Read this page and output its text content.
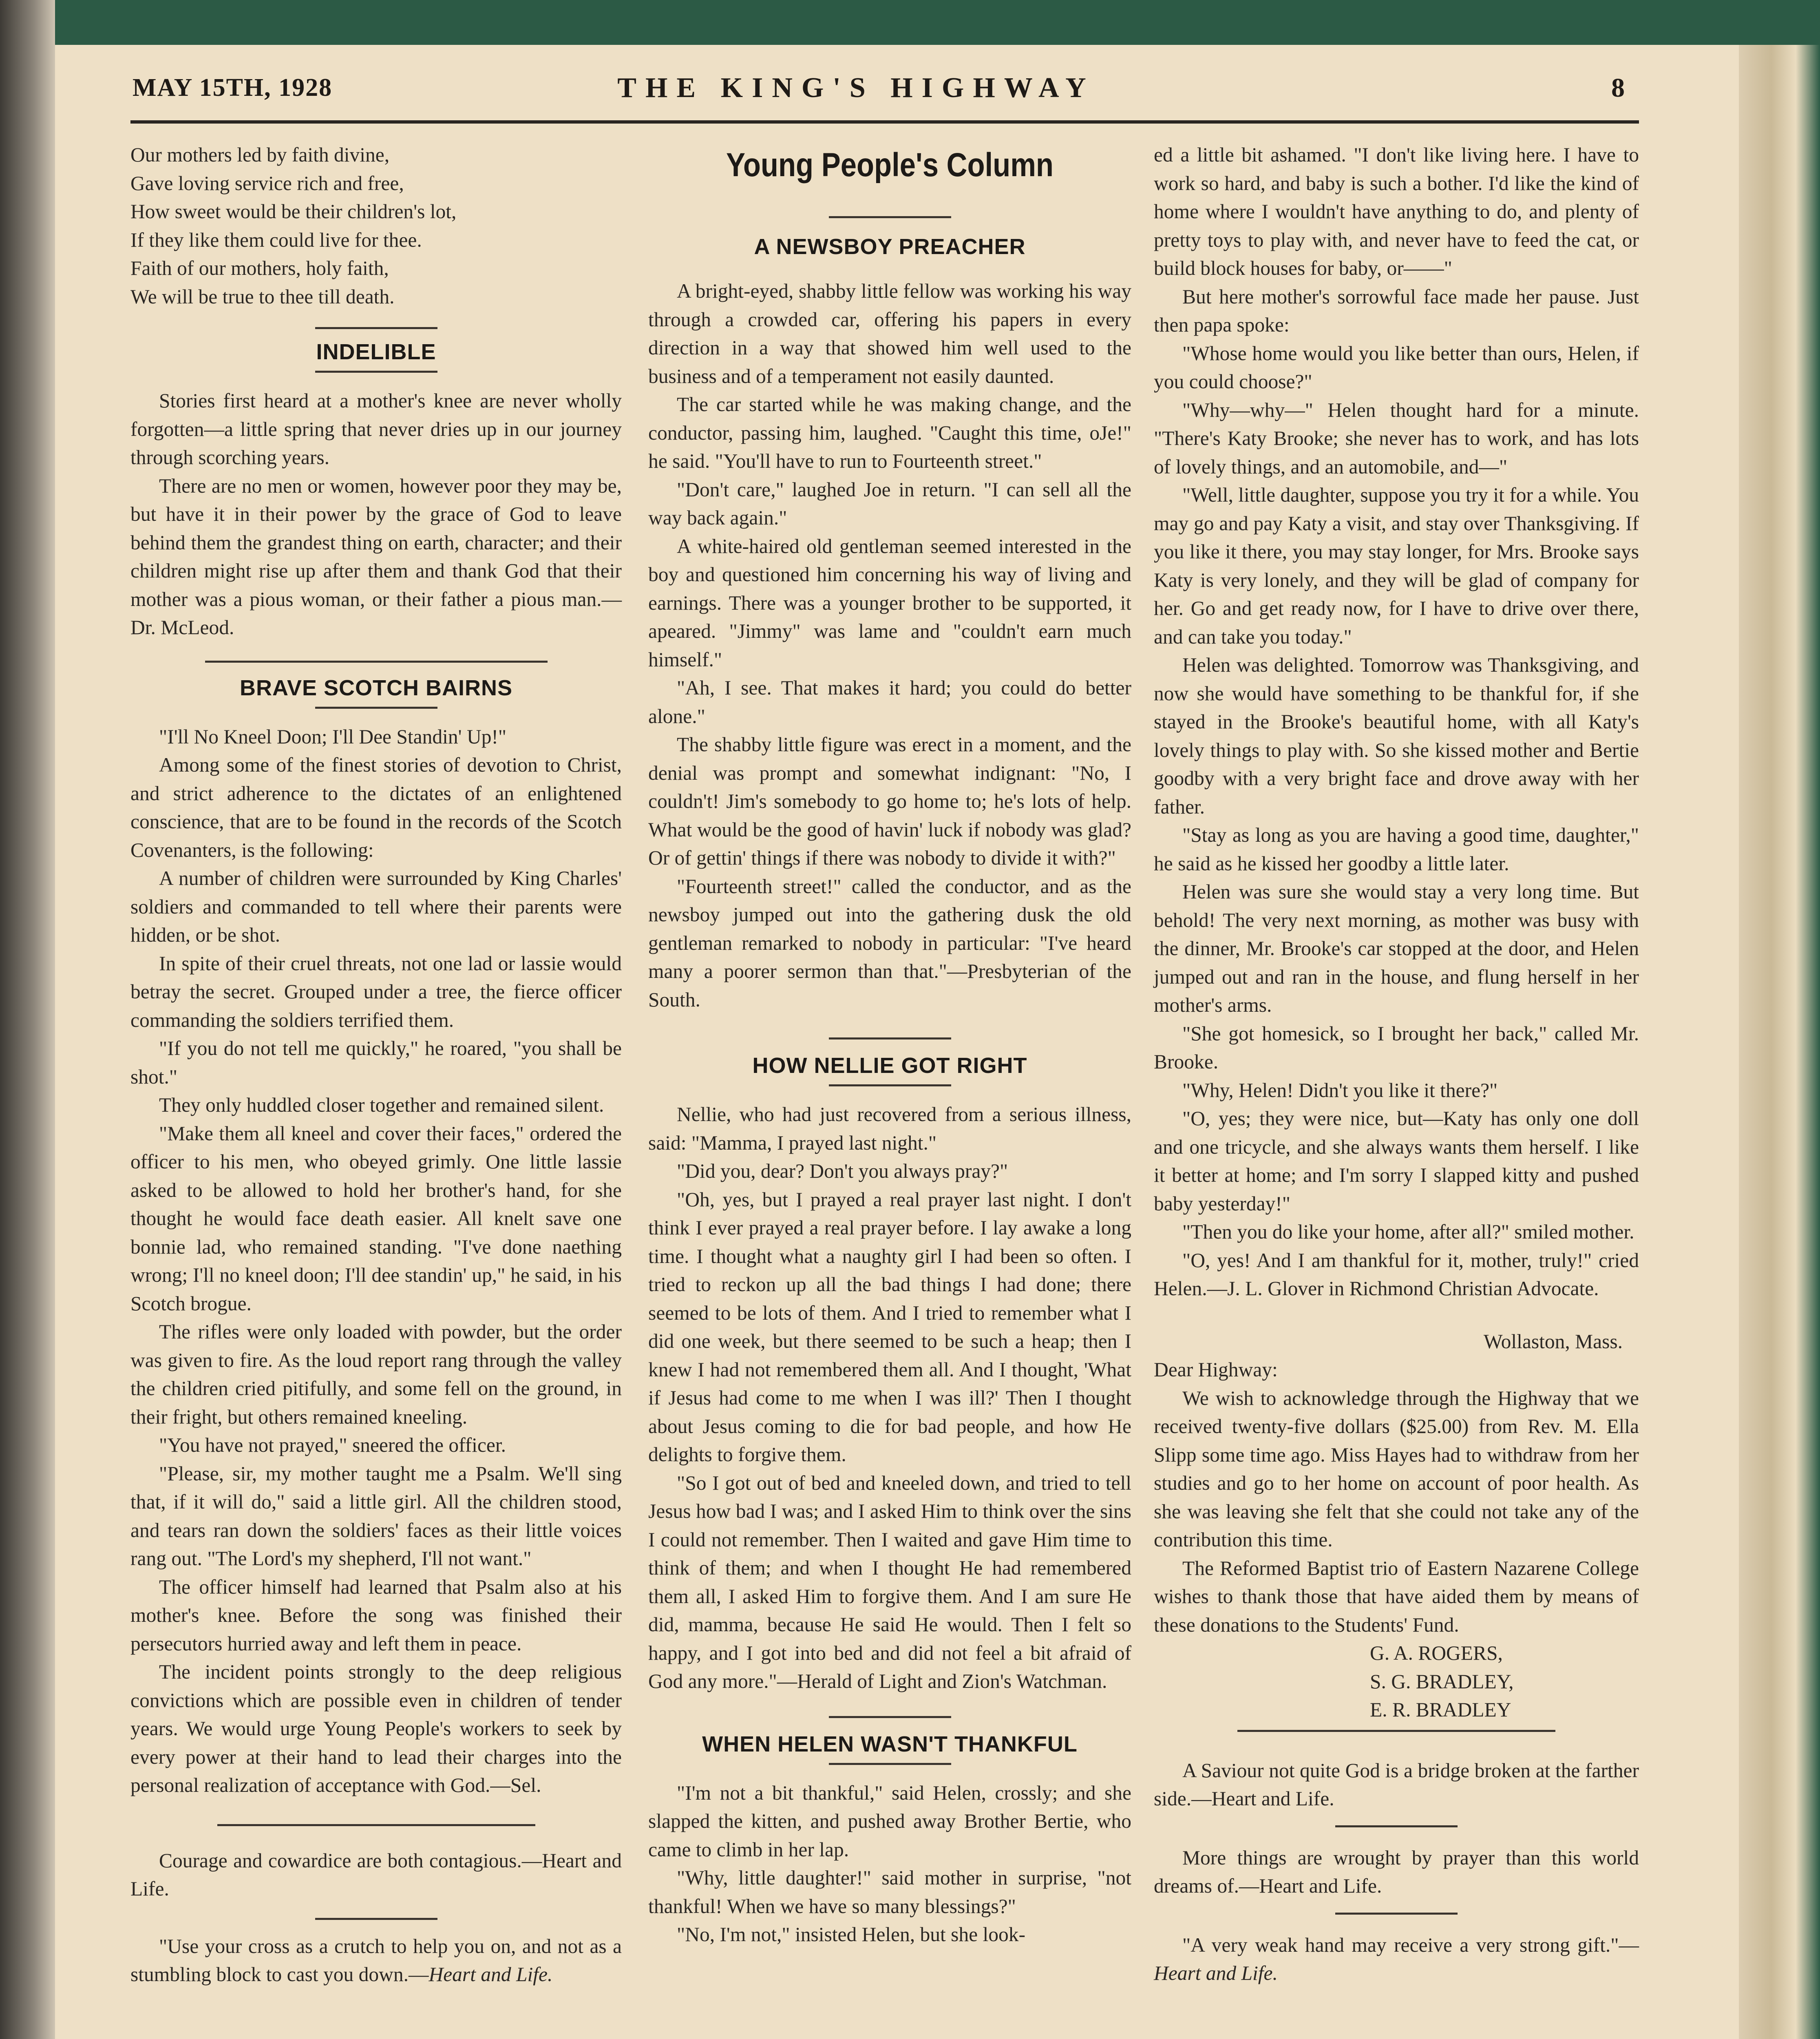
MAY 15TH, 1928	THE KING'S HIGHWAY	8

Our mothers led by faith divine,

Gave loving service rich and free,

How sweet would be their children's lot,

If they like them could live for thee.

Faith of our mothers, holy faith,

We will be true to thee till death.

INDELIBLE

Stories first heard at a mother's knee are never wholly forgotten—a little spring that never dries up in our journey through scorching years.

There are no men or women, however poor they may be, but have it in their power by the grace of God to leave behind them the grandest thing on earth, character; and their children might rise up after them and thank God that their mother was a pious woman, or their father a pious man.—Dr. McLeod.

BRAVE SCOTCH BAIRNS

"I'll No Kneel Doon; I'll Dee Standin' Up!"

Among some of the finest stories of devotion to Christ, and strict adherence to the dictates of an enlightened conscience, that are to be found in the records of the Scotch Covenanters, is the following:

A number of children were surrounded by King Charles' soldiers and commanded to tell where their parents were hidden, or be shot.

In spite of their cruel threats, not one lad or lassie would betray the secret. Grouped under a tree, the fierce officer commanding the soldiers terrified them.

"If you do not tell me quickly," he roared, "you shall be shot."

They only huddled closer together and remained silent.

"Make them all kneel and cover their faces," ordered the officer to his men, who obeyed grimly. One little lassie asked to be allowed to hold her brother's hand, for she thought he would face death easier. All knelt save one bonnie lad, who remained standing. "I've done naething wrong; I'll no kneel doon; I'll dee standin' up," he said, in his Scotch brogue.

The rifles were only loaded with powder, but the order was given to fire. As the loud report rang through the valley the children cried pitifully, and some fell on the ground, in their fright, but others remained kneeling.

"You have not prayed," sneered the officer.

"Please, sir, my mother taught me a Psalm. We'll sing that, if it will do," said a little girl. All the children stood, and tears ran down the soldiers' faces as their little voices rang out. "The Lord's my shepherd, I'll not want."

The officer himself had learned that Psalm also at his mother's knee. Before the song was finished their persecutors hurried away and left them in peace.

The incident points strongly to the deep religious convictions which are possible even in children of tender years. We would urge Young People's workers to seek by every power at their hand to lead their charges into the personal realization of acceptance with God.—Sel.

Courage and cowardice are both contagious.—Heart and Life.

"Use your cross as a crutch to help you on, and not as a stumbling block to cast you down.—Heart and Life.

Young People's Column
A NEWSBOY PREACHER

A bright-eyed, shabby little fellow was working his way through a crowded car, offering his papers in every direction in a way that showed him well used to the business and of a temperament not easily daunted.

The car started while he was making change, and the conductor, passing him, laughed. "Caught this time, oJe!" he said. "You'll have to run to Fourteenth street."

"Don't care," laughed Joe in return. "I can sell all the way back again."

A white-haired old gentleman seemed interested in the boy and questioned him concerning his way of living and earnings. There was a younger brother to be supported, it apeared. "Jimmy" was lame and "couldn't earn much himself."

"Ah, I see. That makes it hard; you could do better alone."

The shabby little figure was erect in a moment, and the denial was prompt and somewhat indignant: "No, I couldn't! Jim's somebody to go home to; he's lots of help. What would be the good of havin' luck if nobody was glad? Or of gettin' things if there was nobody to divide it with?"

"Fourteenth street!" called the conductor, and as the newsboy jumped out into the gathering dusk the old gentleman remarked to nobody in particular: "I've heard many a poorer sermon than that."—Presbyterian of the South.

HOW NELLIE GOT RIGHT

Nellie, who had just recovered from a serious illness, said: "Mamma, I prayed last night."

"Did you, dear? Don't you always pray?"

"Oh, yes, but I prayed a real prayer last night. I don't think I ever prayed a real prayer before. I lay awake a long time. I thought what a naughty girl I had been so often. I tried to reckon up all the bad things I had done; there seemed to be lots of them. And I tried to remember what I did one week, but there seemed to be such a heap; then I knew I had not remembered them all. And I thought, 'What if Jesus had come to me when I was ill?' Then I thought about Jesus coming to die for bad people, and how He delights to forgive them.

"So I got out of bed and kneeled down, and tried to tell Jesus how bad I was; and I asked Him to think over the sins I could not remember. Then I waited and gave Him time to think of them; and when I thought He had remembered them all, I asked Him to forgive them. And I am sure He did, mamma, because He said He would. Then I felt so happy, and I got into bed and did not feel a bit afraid of God any more."—Herald of Light and Zion's Watchman.

WHEN HELEN WASN'T THANKFUL

"I'm not a bit thankful," said Helen, crossly; and she slapped the kitten, and pushed away Brother Bertie, who came to climb in her lap.

"Why, little daughter!" said mother in surprise, "not thankful! When we have so many blessings?"

"No, I'm not," insisted Helen, but she look-

ed a little bit ashamed. "I don't like living here. I have to work so hard, and baby is such a bother. I'd like the kind of home where I wouldn't have anything to do, and plenty of pretty toys to play with, and never have to feed the cat, or build block houses for baby, or——"

But here mother's sorrowful face made her pause. Just then papa spoke:

"Whose home would you like better than ours, Helen, if you could choose?"

"Why—why—" Helen thought hard for a minute. "There's Katy Brooke; she never has to work, and has lots of lovely things, and an automobile, and—"

"Well, little daughter, suppose you try it for a while. You may go and pay Katy a visit, and stay over Thanksgiving. If you like it there, you may stay longer, for Mrs. Brooke says Katy is very lonely, and they will be glad of company for her. Go and get ready now, for I have to drive over there, and can take you today."

Helen was delighted. Tomorrow was Thanksgiving, and now she would have something to be thankful for, if she stayed in the Brooke's beautiful home, with all Katy's lovely things to play with. So she kissed mother and Bertie goodby with a very bright face and drove away with her father.

"Stay as long as you are having a good time, daughter," he said as he kissed her goodby a little later.

Helen was sure she would stay a very long time. But behold! The very next morning, as mother was busy with the dinner, Mr. Brooke's car stopped at the door, and Helen jumped out and ran in the house, and flung herself in her mother's arms.

"She got homesick, so I brought her back," called Mr. Brooke.

"Why, Helen! Didn't you like it there?"

"O, yes; they were nice, but—Katy has only one doll and one tricycle, and she always wants them herself. I like it better at home; and I'm sorry I slapped kitty and pushed baby yesterday!"

"Then you do like your home, after all?" smiled mother.

"O, yes! And I am thankful for it, mother, truly!" cried Helen.—J. L. Glover in Richmond Christian Advocate.

Wollaston, Mass.

Dear Highway:

We wish to acknowledge through the Highway that we received twenty-five dollars ($25.00) from Rev. M. Ella Slipp some time ago. Miss Hayes had to withdraw from her studies and go to her home on account of poor health. As she was leaving she felt that she could not take any of the contribution this time.

The Reformed Baptist trio of Eastern Nazarene College wishes to thank those that have aided them by means of these donations to the Students' Fund.

G. A. ROGERS,

S. G. BRADLEY,

E. R. BRADLEY

A Saviour not quite God is a bridge broken at the farther side.—Heart and Life.

More things are wrought by prayer than this world dreams of.—Heart and Life.

"A very weak hand may receive a very strong gift."—Heart and Life.
